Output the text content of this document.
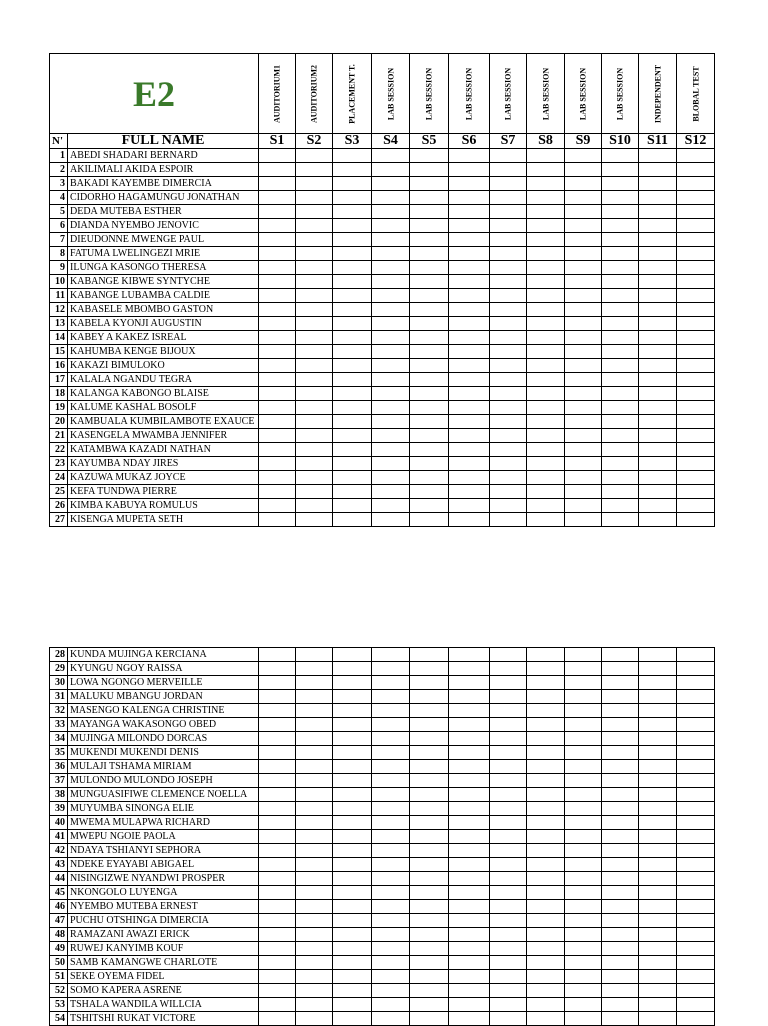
E2		AUDITORIUM1	AUDITORIUM2	PLACEMENT T.	LAB SESSION	LAB SESSION	LAB SESSION	LAB SESSION	LAB SESSION	LAB SESSION	LAB SESSION	INDEPENDENT	BLOBAL TEST

N'	FULL NAME	S1	S2	S3	S4	S5	S6	S7	S8	S9	S10	S11	S12
1	ABEDI SHADARI BERNARD												
2	AKILIMALI AKIDA ESPOIR												
3	BAKADI KAYEMBE DIMERCIA												
4	CIDORHO HAGAMUNGU JONATHAN												
5	DEDA MUTEBA ESTHER												
6	DIANDA NYEMBO JENOVIC												
7	DIEUDONNE MWENGE PAUL												
8	FATUMA LWELINGEZI MRIE												
9	ILUNGA KASONGO THERESA												
10	KABANGE KIBWE SYNTYCHE												
11	KABANGE LUBAMBA CALDIE												
12	KABASELE MBOMBO GASTON												
13	KABELA KYONJI AUGUSTIN												
14	KABEY A KAKEZ ISREAL												
15	KAHUMBA KENGE BIJOUX												
16	KAKAZI BIMULOKO												
17	KALALA NGANDU TEGRA												
18	KALANGA KABONGO BLAISE												
19	KALUME KASHAL BOSOLF												
20	KAMBUALA KUMBILAMBOTE EXAUCE												
21	KASENGELA MWAMBA JENNIFER												
22	KATAMBWA KAZADI NATHAN												
23	KAYUMBA NDAY JIRES												
24	KAZUWA MUKAZ JOYCE												
25	KEFA TUNDWA PIERRE												
26	KIMBA KABUYA ROMULUS												
27	KISENGA MUPETA SETH												
28	KUNDA MUJINGA KERCIANA												
29	KYUNGU NGOY RAISSA												
30	LOWA NGONGO MERVEILLE												
31	MALUKU MBANGU JORDAN												
32	MASENGO KALENGA CHRISTINE												
33	MAYANGA WAKASONGO OBED												
34	MUJINGA MILONDO DORCAS												
35	MUKENDI MUKENDI DENIS												
36	MULAJI TSHAMA MIRIAM												
37	MULONDO MULONDO JOSEPH												
38	MUNGUASIFIWE CLEMENCE NOELLA												
39	MUYUMBA SINONGA ELIE												
40	MWEMA MULAPWA RICHARD												
41	MWEPU NGOIE PAOLA												
42	NDAYA TSHIANYI SEPHORA												
43	NDEKE EYAYABI ABIGAEL												
44	NISINGIZWE NYANDWI PROSPER												
45	NKONGOLO LUYENGA												
46	NYEMBO MUTEBA ERNEST												
47	PUCHU OTSHINGA DIMERCIA												
48	RAMAZANI AWAZI ERICK												
49	RUWEJ KANYIMB KOUF												
50	SAMB KAMANGWE CHARLOTE												
51	SEKE OYEMA FIDEL												
52	SOMO KAPERA ASRENE												
53	TSHALA WANDILA WILLCIA												
54	TSHITSHI RUKAT VICTORE												
